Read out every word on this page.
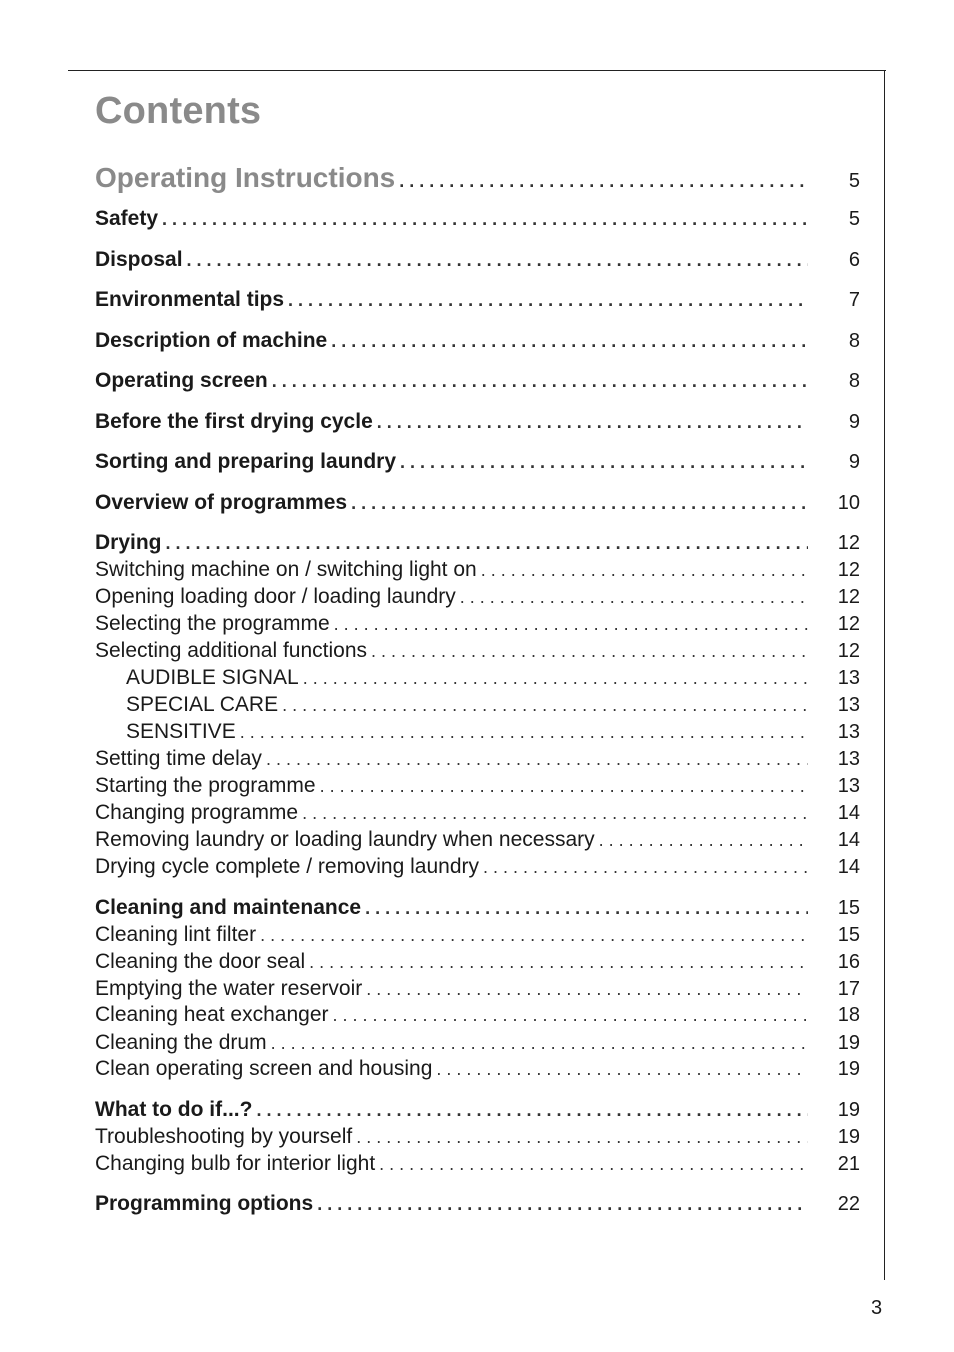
Contents
Operating Instructions . . .	5
Safety . . .	5
Disposal . . .	6
Environmental tips . . .	7
Description of machine . . .	8
Operating screen . . .	8
Before the first drying cycle . . .	9
Sorting and preparing laundry . . .	9
Overview of programmes . . .	10
Drying . . .	12
Switching machine on / switching light on . . .	12
Opening loading door / loading laundry . . .	12
Selecting the programme . . .	12
Selecting additional functions . . .	12
AUDIBLE SIGNAL . . .	13
SPECIAL CARE . . .	13
SENSITIVE . . .	13
Setting time delay . . .	13
Starting the programme . . .	13
Changing programme . . .	14
Removing laundry or loading laundry when necessary . . .	14
Drying cycle complete / removing laundry . . .	14
Cleaning and maintenance . . .	15
Cleaning lint filter . . .	15
Cleaning the door seal . . .	16
Emptying the water reservoir . . .	17
Cleaning heat exchanger . . .	18
Cleaning the drum . . .	19
Clean operating screen and housing . . .	19
What to do if...? . . .	19
Troubleshooting by yourself . . .	19
Changing bulb for interior light . . .	21
Programming options . . .	22
3
